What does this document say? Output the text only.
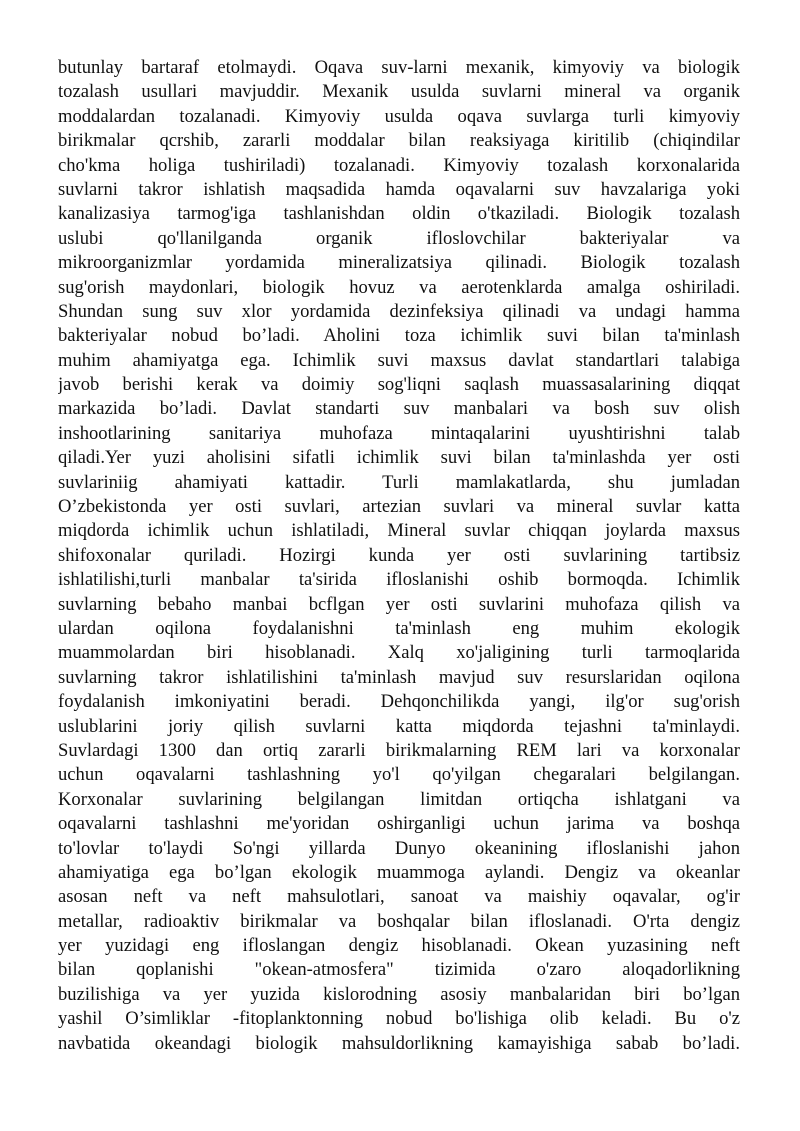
butunlay bartaraf etolmaydi. Oqava suv-larni mexanik, kimyoviy va biologik
tozalash usullari mavjuddir. Mexanik usulda suvlarni mineral va organik
moddalardan tozalanadi. Kimyoviy usulda oqava suvlarga turli kimyoviy
birikmalar qcrshib, zararli moddalar bilan reaksiyaga kiritilib (chiqindilar
cho'kma holiga tushiriladi) tozalanadi. Kimyoviy tozalash korxonalarida
suvlarni takror ishlatish maqsadida hamda oqavalarni suv havzalariga yoki
kanalizasiya tarmog'iga tashlanishdan oldin o'tkaziladi. Biologik tozalash
uslubi qo'llanilganda organik ifloslovchilar bakteriyalar va
mikroorganizmlar yordamida mineralizatsiya qilinadi. Biologik tozalash
sug'orish maydonlari, biologik hovuz va aerotenklarda amalga oshiriladi.
Shundan sung suv xlor yordamida dezinfeksiya qilinadi va undagi hamma
bakteriyalar nobud bo’ladi. Aholini toza ichimlik suvi bilan ta'minlash
muhim ahamiyatga ega. Ichimlik suvi maxsus davlat standartlari talabiga
javob berishi kerak va doimiy sog'liqni saqlash muassasalarining diqqat
markazida bo’ladi. Davlat standarti suv manbalari va bosh suv olish
inshootlarining sanitariya muhofaza mintaqalarini uyushtirishni talab
qiladi.Yer yuzi aholisini sifatli ichimlik suvi bilan ta'minlashda yer osti
suvlariniig ahamiyati kattadir. Turli mamlakatlarda, shu jumladan
O’zbekistonda yer osti suvlari, artezian suvlari va mineral suvlar katta
miqdorda ichimlik uchun ishlatiladi, Mineral suvlar chiqqan joylarda maxsus
shifoxonalar quriladi. Hozirgi kunda yer osti suvlarining tartibsiz
ishlatilishi,turli manbalar ta'sirida ifloslanishi oshib bormoqda. Ichimlik
suvlarning bebaho manbai bcflgan yer osti suvlarini muhofaza qilish va
ulardan oqilona foydalanishni ta'minlash eng muhim ekologik
muammolardan biri hisoblanadi. Xalq xo'jaligining turli tarmoqlarida
suvlarning takror ishlatilishini ta'minlash mavjud suv resurslaridan oqilona
foydalanish imkoniyatini beradi. Dehqonchilikda yangi, ilg'or sug'orish
uslublarini joriy qilish suvlarni katta miqdorda tejashni ta'minlaydi.
Suvlardagi 1300 dan ortiq zararli birikmalarning REM lari va korxonalar
uchun oqavalarni tashlashning yo'l qo'yilgan chegaralari belgilangan.
Korxonalar suvlarining belgilangan limitdan ortiqcha ishlatgani va
oqavalarni tashlashni me'yoridan oshirganligi uchun jarima va boshqa
to'lovlar to'laydi So'ngi yillarda Dunyo okeanining ifloslanishi jahon
ahamiyatiga ega bo’lgan ekologik muammoga aylandi. Dengiz va okeanlar
asosan neft va neft mahsulotlari, sanoat va maishiy oqavalar, og'ir
metallar, radioaktiv birikmalar va boshqalar bilan ifloslanadi. O'rta dengiz
yer yuzidagi eng ifloslangan dengiz hisoblanadi. Okean yuzasining neft
bilan qoplanishi "okean-atmosfera" tizimida o'zaro aloqadorlikning
buzilishiga va yer yuzida kislorodning asosiy manbalaridan biri bo’lgan
yashil O’simliklar -fitoplanktonning nobud bo'lishiga olib keladi. Bu o'z
navbatida okeandagi biologik mahsuldorlikning kamayishiga sabab bo’ladi.
